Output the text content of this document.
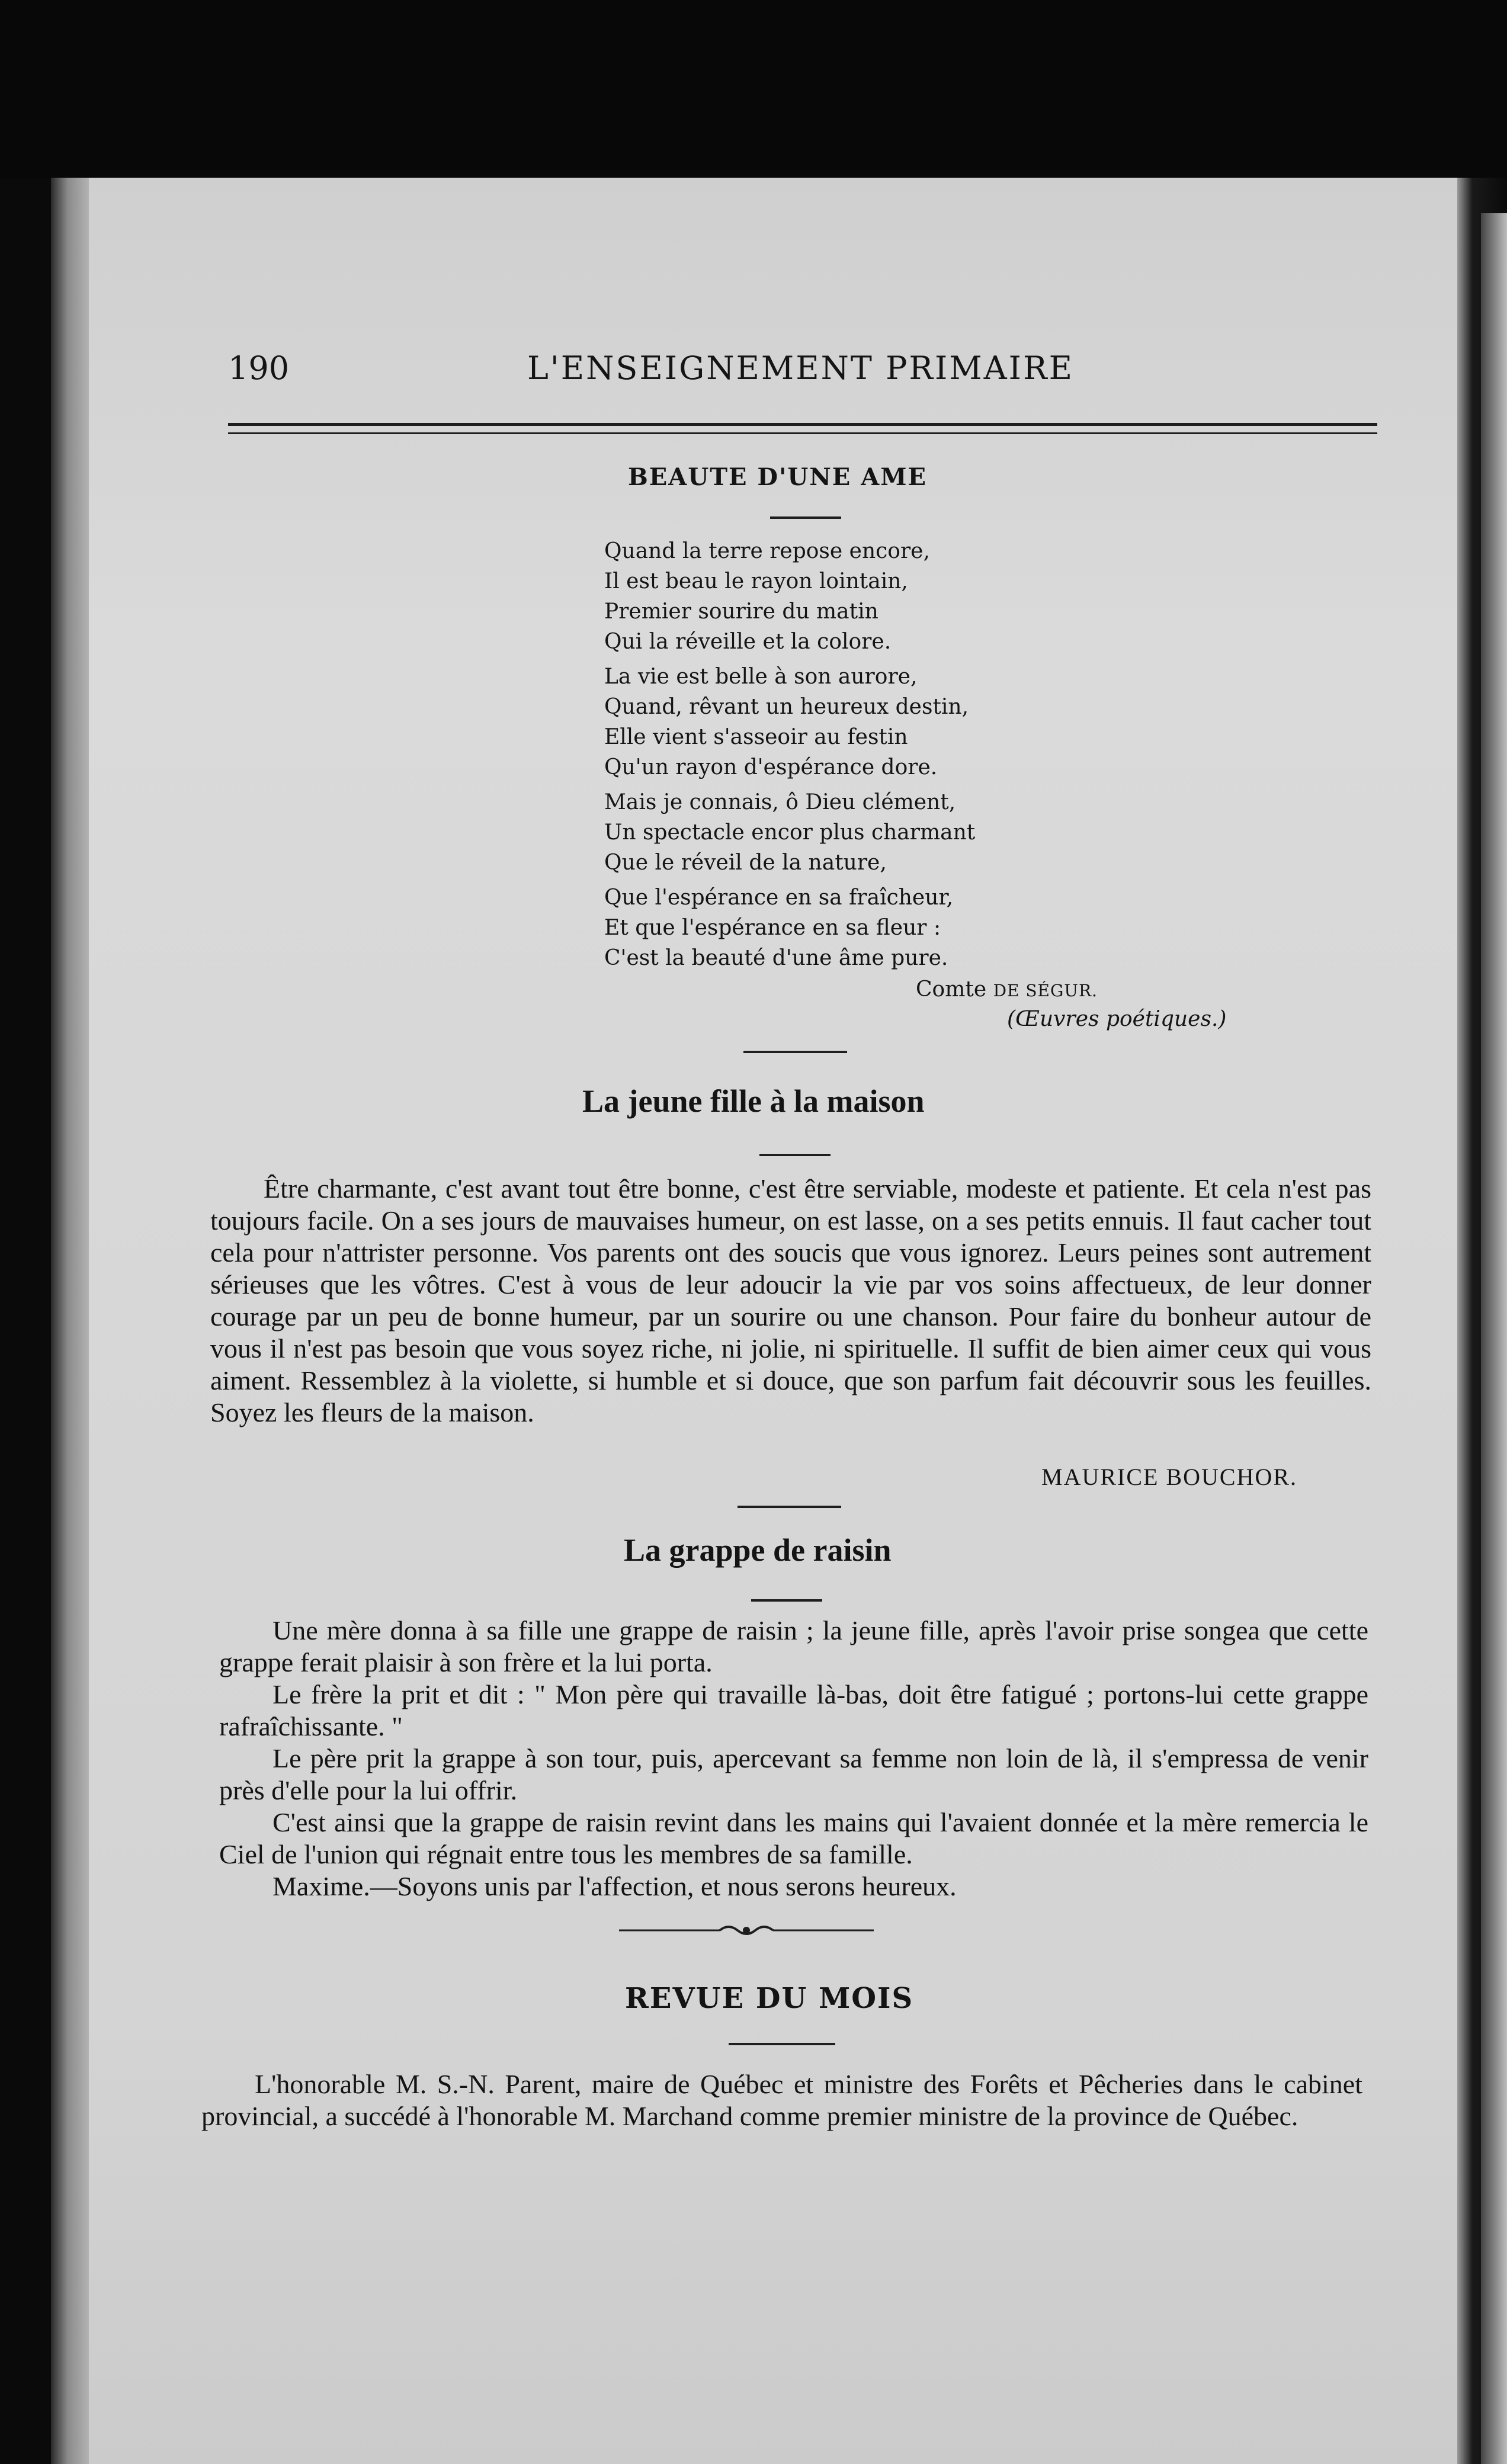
190	L'ENSEIGNEMENT PRIMAIRE
BEAUTE D'UNE AME
Quand la terre repose encore,
Il est beau le rayon lointain,
Premier sourire du matin
Qui la réveille et la colore.
La vie est belle à son aurore,
Quand, rêvant un heureux destin,
Elle vient s'asseoir au festin
Qu'un rayon d'espérance dore.
Mais je connais, ô Dieu clément,
Un spectacle encor plus charmant
Que le réveil de la nature,
Que l'espérance en sa fraîcheur,
Et que l'espérance en sa fleur :
C'est la beauté d'une âme pure.
Comte DE SÉGUR.
(Œuvres poétiques.)
La jeune fille à la maison

Être charmante, c'est avant tout être bonne, c'est être serviable, modeste et patiente. Et cela n'est pas toujours facile. On a ses jours de mauvaises humeur, on est lasse, on a ses petits ennuis. Il faut cacher tout cela pour n'attrister personne. Vos parents ont des soucis que vous ignorez. Leurs peines sont autrement sérieuses que les vôtres. C'est à vous de leur adoucir la vie par vos soins affectueux, de leur donner courage par un peu de bonne humeur, par un sourire ou une chanson. Pour faire du bonheur autour de vous il n'est pas besoin que vous soyez riche, ni jolie, ni spirituelle. Il suffit de bien aimer ceux qui vous aiment. Ressemblez à la violette, si humble et si douce, que son parfum fait découvrir sous les feuilles. Soyez les fleurs de la maison.

MAURICE BOUCHOR.
La grappe de raisin

Une mère donna à sa fille une grappe de raisin ; la jeune fille, après l'avoir prise songea que cette grappe ferait plaisir à son frère et la lui porta.

Le frère la prit et dit : " Mon père qui travaille là-bas, doit être fatigué ; portons-lui cette grappe rafraîchissante. "

Le père prit la grappe à son tour, puis, apercevant sa femme non loin de là, il s'empressa de venir près d'elle pour la lui offrir.

C'est ainsi que la grappe de raisin revint dans les mains qui l'avaient donnée et la mère remercia le Ciel de l'union qui régnait entre tous les membres de sa famille.

Maxime.—Soyons unis par l'affection, et nous serons heureux.

REVUE DU MOIS

L'honorable M. S.-N. Parent, maire de Québec et ministre des Forêts et Pêcheries dans le cabinet provincial, a succédé à l'honorable M. Marchand comme premier ministre de la province de Québec.
